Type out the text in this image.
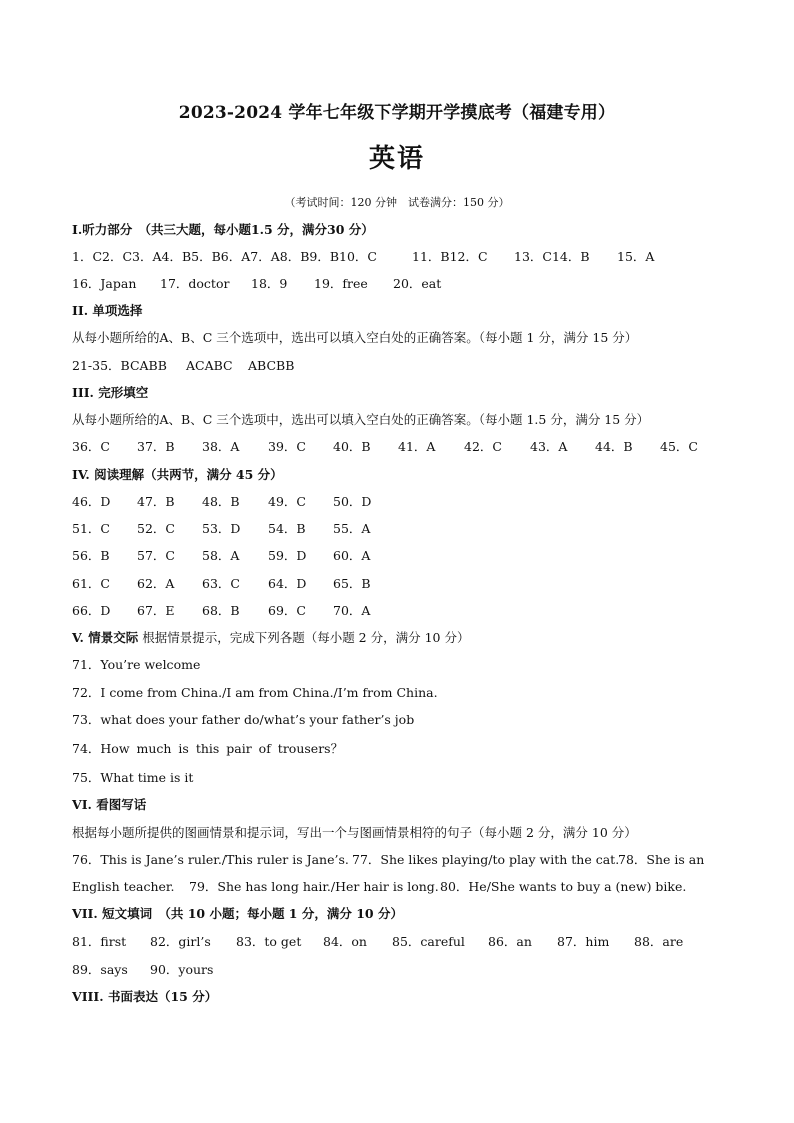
2023-2024 学年七年级下学期开学摸底考（福建专用）
英语
（考试时间：120 分钟　试卷满分：150 分）
I.听力部分　（共三大题，每小题1.5 分，满分30 分）
1．C2．C3．A4．B5．B6．A7．A8．B9．B10．C	11．B12．C 13．C14．B 15．A
16．Japan 17．doctor 18．9 19．free 20．eat
II. 单项选择
从每小题所给的A、B、C 三个选项中，选出可以填入空白处的正确答案。（每小题 1 分，满分 15 分）
21-35．BCABB ACABC ABCBB
III. 完形填空
从每小题所给的A、B、C 三个选项中，选出可以填入空白处的正确答案。（每小题 1.5 分，满分 15 分）
36．C 37．B 38．A 39．C 40．B 41．A 42．C 43．A 44．B 45．C
IV. 阅读理解（共两节，满分 45 分）
46．D 47．B 48．B 49．C 50．D
51．C 52．C 53．D 54．B 55．A
56．B 57．C 58．A 59．D 60．A
61．C 62．A 63．C 64．D 65．B
66．D 67．E 68．B 69．C 70．A
V. 情景交际 根据情景提示，完成下列各题（每小题 2 分，满分 10 分）
71．You’re welcome
72．I come from China./I am from China./I’m from China.
73．what does your father do/what’s your father’s job
74．How much is this pair of trousers？
75．What time is it
VI. 看图写话
根据每小题所提供的图画情景和提示词，写出一个与图画情景相符的句子（每小题 2 分，满分 10 分）
76．This is Jane’s ruler./This ruler is Jane’s. 77．She likes playing/to play with the cat.
78．She is an
English teacher. 79．She has long hair./Her hair is long. 80．He/She wants to buy a (new) bike.
VII. 短文填词　（共 10 小题；每小题 1 分，满分 10 分）
81．first 82．girl’s 83．to get 84．on 85．careful 86．an 87．him 88．are
89．says 90．yours
VIII. 书面表达（15 分）
